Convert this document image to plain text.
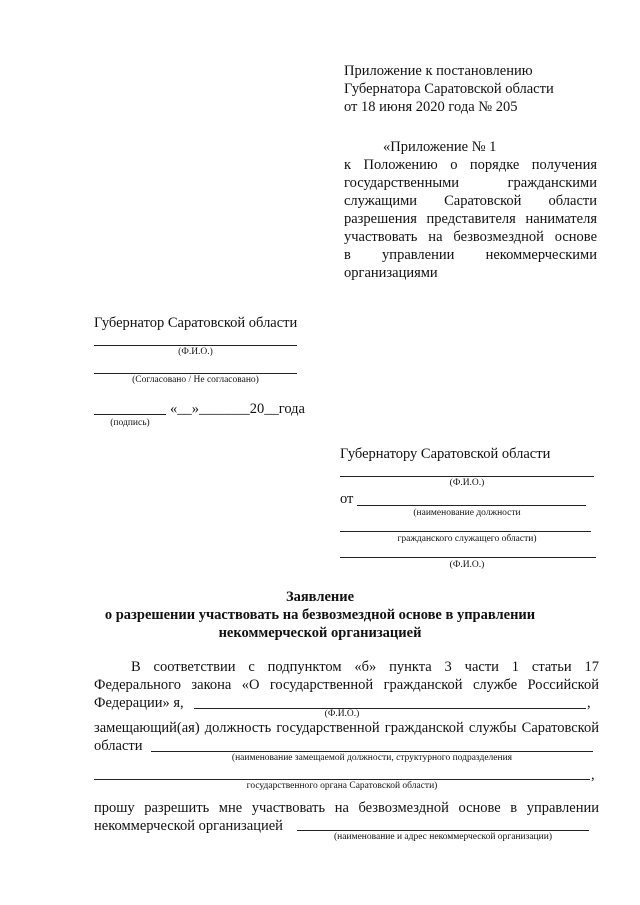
Приложение к постановлению
Губернатора Саратовской области
от 18 июня 2020 года № 205
«Приложение № 1
к Положению о порядке получения
государственными гражданскими
служащими Саратовской области
разрешения представителя нанимателя
участвовать на безвозмездной основе
в управлении некоммерческими
организациями
Губернатор Саратовской области
(Ф.И.О.)
(Согласовано / Не согласовано)
«__»_______20__года
(подпись)
Губернатору Саратовской области
(Ф.И.О.)
от
(наименование должности
гражданского служащего области)
(Ф.И.О.)
Заявление
о разрешении участвовать на безвозмездной основе в управлении
некоммерческой организацией
В соответствии с подпунктом «б» пункта 3 части 1 статьи 17
Федерального закона «О государственной гражданской службе Российской
Федерации» я,	,
(Ф.И.О.)
замещающий(ая) должность государственной гражданской службы Саратовской
области
(наименование замещаемой должности, структурного подразделения
,
государственного органа Саратовской области)
прошу разрешить мне участвовать на безвозмездной основе в управлении
некоммерческой организацией
(наименование и адрес некоммерческой организации)
